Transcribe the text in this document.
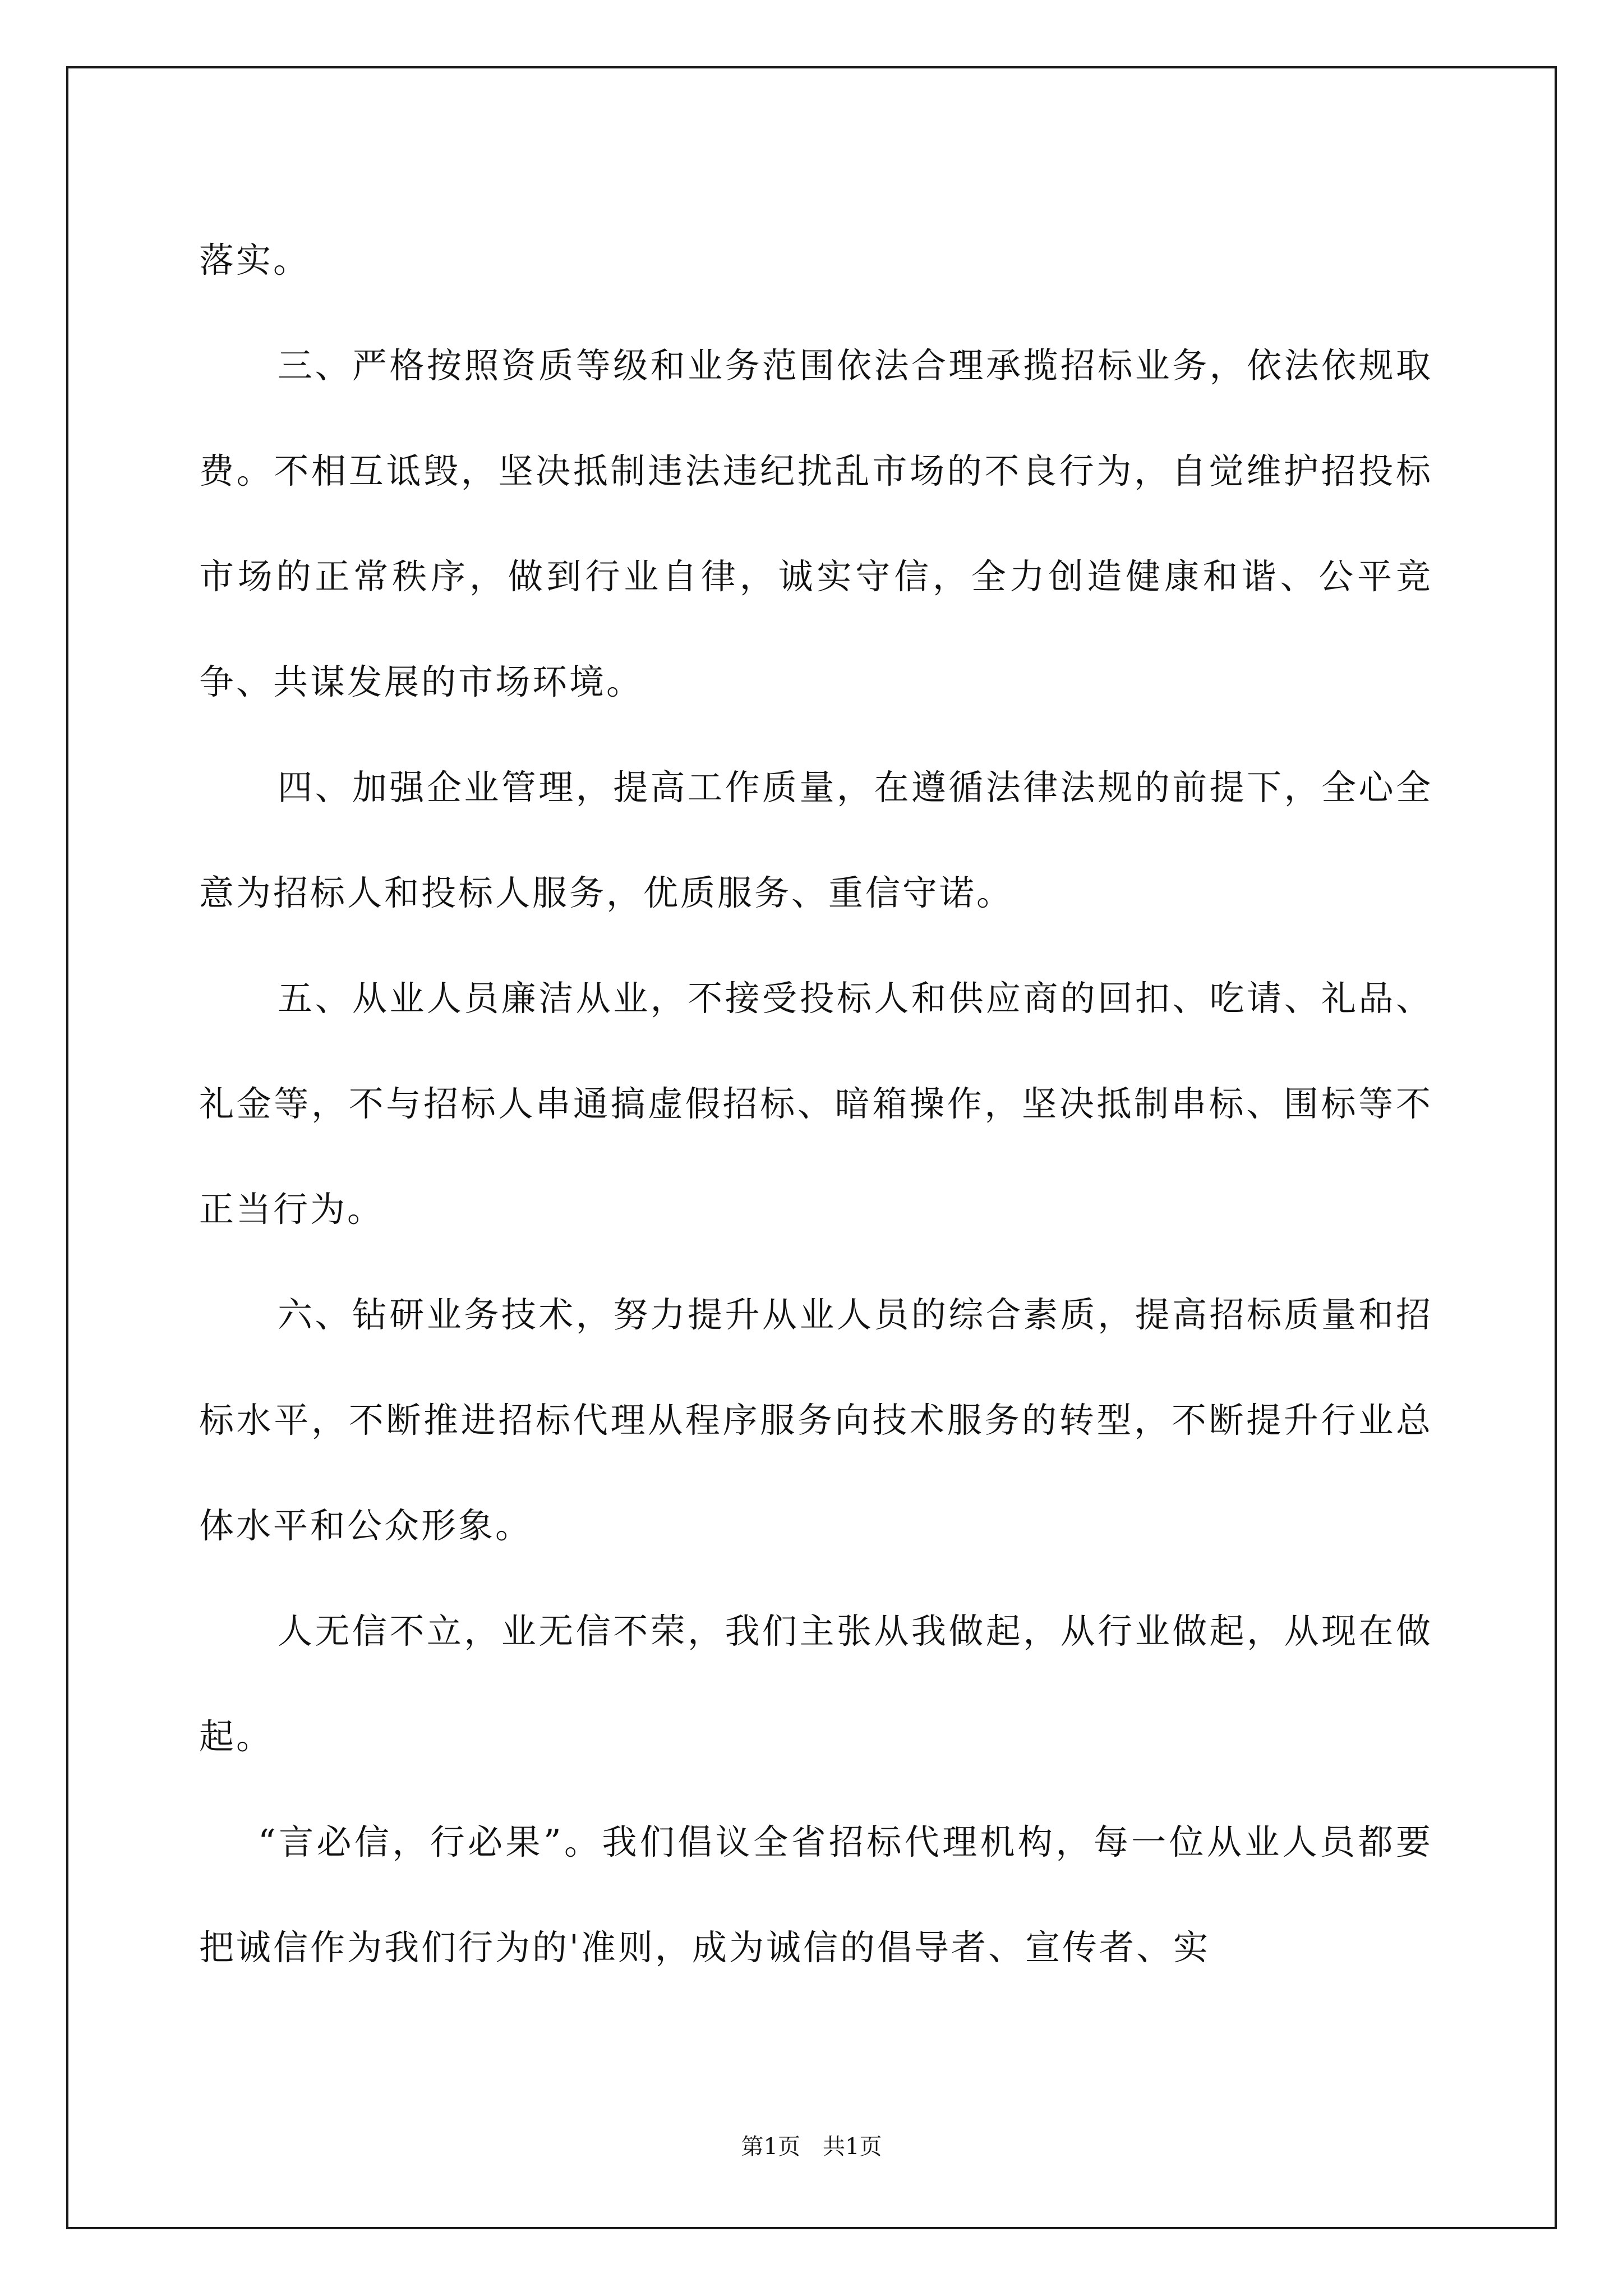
落实。

三、严格按照资质等级和业务范围依法合理承揽招标业务，依法依规取费。不相互诋毁，坚决抵制违法违纪扰乱市场的不良行为，自觉维护招投标市场的正常秩序，做到行业自律，诚实守信，全力创造健康和谐、公平竞争、共谋发展的市场环境。

四、加强企业管理，提高工作质量，在遵循法律法规的前提下，全心全意为招标人和投标人服务，优质服务、重信守诺。

五、从业人员廉洁从业，不接受投标人和供应商的回扣、吃请、礼品、礼金等，不与招标人串通搞虚假招标、暗箱操作，坚决抵制串标、围标等不正当行为。

六、钻研业务技术，努力提升从业人员的综合素质，提高招标质量和招标水平，不断推进招标代理从程序服务向技术服务的转型，不断提升行业总体水平和公众形象。

人无信不立，业无信不荣，我们主张从我做起，从行业做起，从现在做起。

“言必信，行必果”。我们倡议全省招标代理机构，每一位从业人员都要把诚信作为我们行为的'准则，成为诚信的倡导者、宣传者、实

第1页　共1页
